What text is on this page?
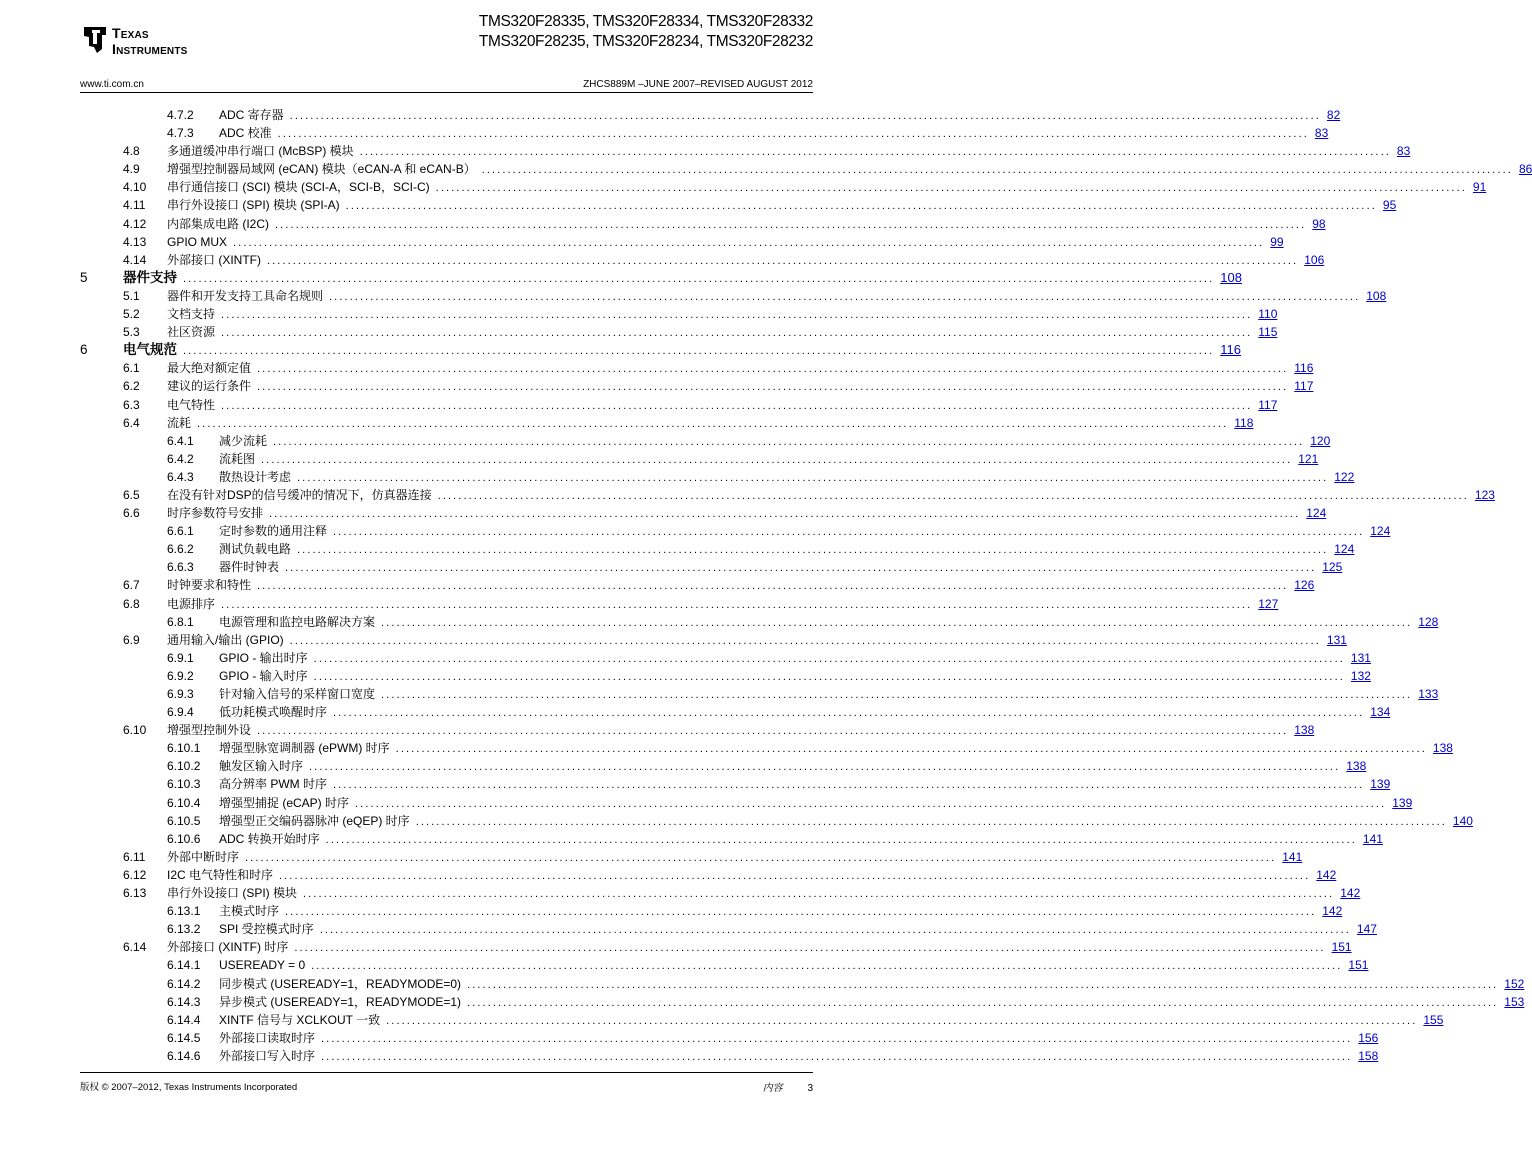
Texas
Instruments
TMS320F28335, TMS320F28334, TMS320F28332
TMS320F28235, TMS320F28234, TMS320F28232
www.ti.com.cn	ZHCS889M –JUNE 2007–REVISED AUGUST 2012
4.7.2 ADC 寄存器 ........................................................................................................................................................................................................ 82
4.7.3 ADC 校准 ........................................................................................................................................................................................................ 83
4.8 多通道缓冲串行端口 (McBSP) 模块 ........................................................................................................................................................................................................ 83
4.9 增强型控制器局域网 (eCAN) 模块（eCAN-A 和 eCAN-B） ........................................................................................................................................................................................................ 86
4.10 串行通信接口 (SCI) 模块 (SCI-A，SCI-B，SCI-C) ........................................................................................................................................................................................................ 91
4.11 串行外设接口 (SPI) 模块 (SPI-A) ........................................................................................................................................................................................................ 95
4.12 内部集成电路 (I2C) ........................................................................................................................................................................................................ 98
4.13 GPIO MUX ........................................................................................................................................................................................................ 99
4.14 外部接口 (XINTF) ........................................................................................................................................................................................................ 106
5	器件支持 ........................................................................................................................................................................................................ 108
5.1 器件和开发支持工具命名规则 ........................................................................................................................................................................................................ 108
5.2 文档支持 ........................................................................................................................................................................................................ 110
5.3 社区资源 ........................................................................................................................................................................................................ 115
6	电气规范 ........................................................................................................................................................................................................ 116
6.1 最大绝对额定值 ........................................................................................................................................................................................................ 116
6.2 建议的运行条件 ........................................................................................................................................................................................................ 117
6.3 电气特性 ........................................................................................................................................................................................................ 117
6.4 流耗 ........................................................................................................................................................................................................ 118
6.4.1 减少流耗 ........................................................................................................................................................................................................ 120
6.4.2 流耗图 ........................................................................................................................................................................................................ 121
6.4.3 散热设计考虑 ........................................................................................................................................................................................................ 122
6.5 在没有针对DSP的信号缓冲的情况下，仿真器连接 ........................................................................................................................................................................................................ 123
6.6 时序参数符号安排 ........................................................................................................................................................................................................ 124
6.6.1 定时参数的通用注释 ........................................................................................................................................................................................................ 124
6.6.2 测试负载电路 ........................................................................................................................................................................................................ 124
6.6.3 器件时钟表 ........................................................................................................................................................................................................ 125
6.7 时钟要求和特性 ........................................................................................................................................................................................................ 126
6.8 电源排序 ........................................................................................................................................................................................................ 127
6.8.1 电源管理和监控电路解决方案 ........................................................................................................................................................................................................ 128
6.9 通用输入/输出 (GPIO) ........................................................................................................................................................................................................ 131
6.9.1 GPIO - 输出时序 ........................................................................................................................................................................................................ 131
6.9.2 GPIO - 输入时序 ........................................................................................................................................................................................................ 132
6.9.3 针对输入信号的采样窗口宽度 ........................................................................................................................................................................................................ 133
6.9.4 低功耗模式唤醒时序 ........................................................................................................................................................................................................ 134
6.10 增强型控制外设 ........................................................................................................................................................................................................ 138
6.10.1 增强型脉宽调制器 (ePWM) 时序 ........................................................................................................................................................................................................ 138
6.10.2 触发区输入时序 ........................................................................................................................................................................................................ 138
6.10.3 高分辨率 PWM 时序 ........................................................................................................................................................................................................ 139
6.10.4 增强型捕捉 (eCAP) 时序 ........................................................................................................................................................................................................ 139
6.10.5 增强型正交编码器脉冲 (eQEP) 时序 ........................................................................................................................................................................................................ 140
6.10.6 ADC 转换开始时序 ........................................................................................................................................................................................................ 141
6.11 外部中断时序 ........................................................................................................................................................................................................ 141
6.12 I2C 电气特性和时序 ........................................................................................................................................................................................................ 142
6.13 串行外设接口 (SPI) 模块 ........................................................................................................................................................................................................ 142
6.13.1 主模式时序 ........................................................................................................................................................................................................ 142
6.13.2 SPI 受控模式时序 ........................................................................................................................................................................................................ 147
6.14 外部接口 (XINTF) 时序 ........................................................................................................................................................................................................ 151
6.14.1 USEREADY = 0 ........................................................................................................................................................................................................ 151
6.14.2 同步模式 (USEREADY=1，READYMODE=0) ........................................................................................................................................................................................................ 152
6.14.3 异步模式 (USEREADY=1，READYMODE=1) ........................................................................................................................................................................................................ 153
6.14.4 XINTF 信号与 XCLKOUT 一致 ........................................................................................................................................................................................................ 155
6.14.5 外部接口读取时序 ........................................................................................................................................................................................................ 156
6.14.6 外部接口写入时序 ........................................................................................................................................................................................................ 158
版权 © 2007–2012, Texas Instruments Incorporated	内容 3
